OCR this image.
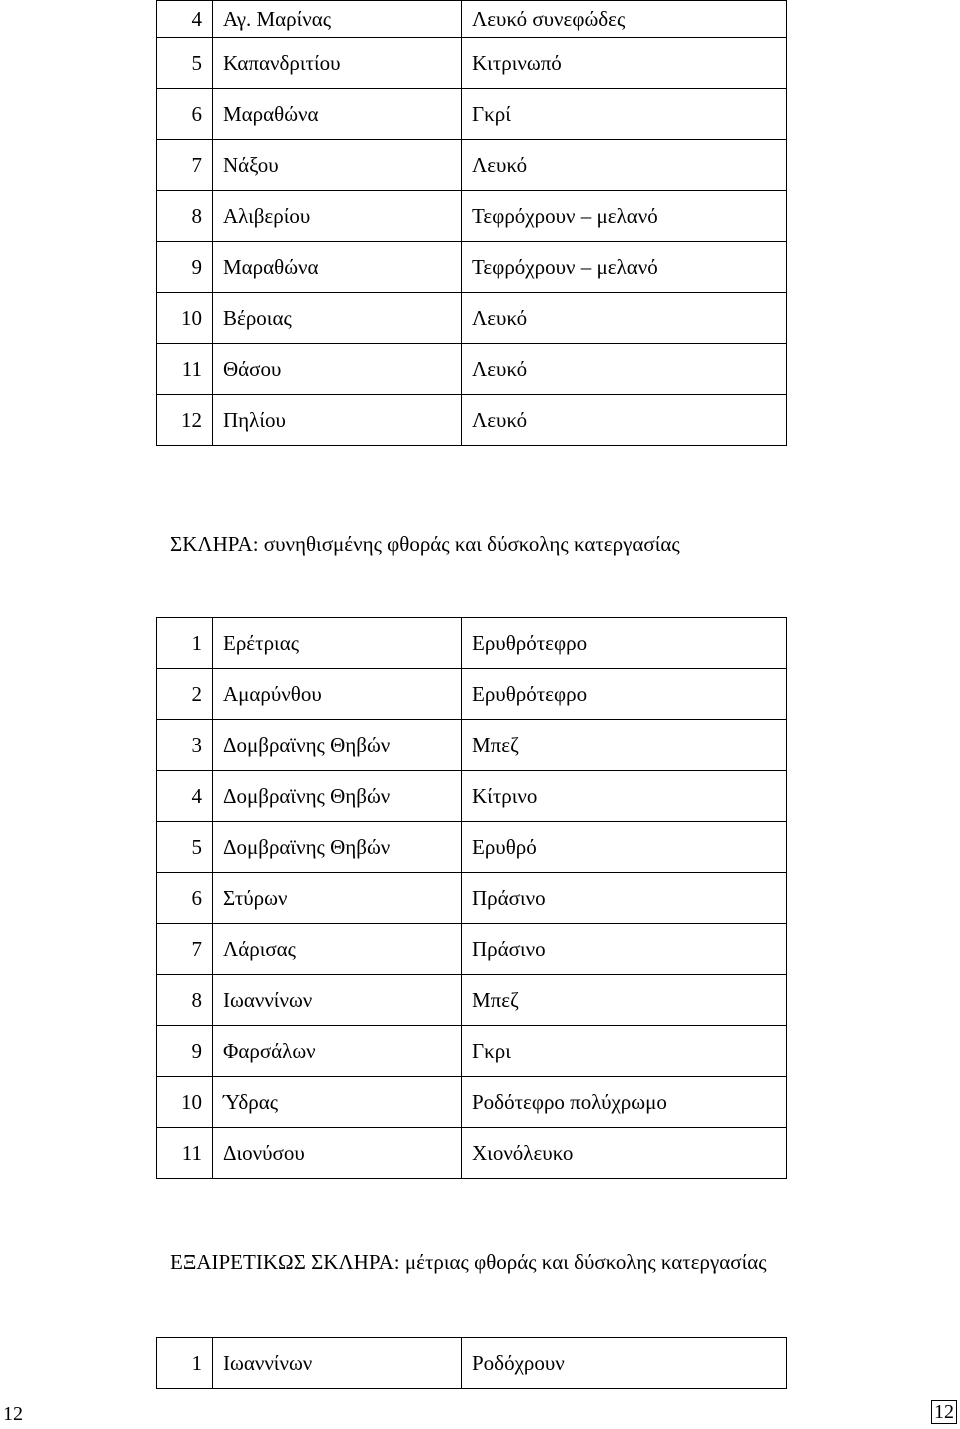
4	Αγ. Μαρίνας	Λευκό συνεφώδες
5	Καπανδριτίου	Κιτρινωπό
6	Μαραθώνα	Γκρί
7	Νάξου	Λευκό
8	Αλιβερίου	Τεφρόχρουν – μελανό
9	Μαραθώνα	Τεφρόχρουν – μελανό
10	Βέροιας	Λευκό
11	Θάσου	Λευκό
12	Πηλίου	Λευκό
ΣΚΛΗΡΑ: συνηθισμένης φθοράς και δύσκολης κατεργασίας
1	Ερέτριας	Ερυθρότεφρο
2	Αμαρύνθου	Ερυθρότεφρο
3	Δομβραϊνης Θηβών	Μπεζ
4	Δομβραϊνης Θηβών	Κίτρινο
5	Δομβραϊνης Θηβών	Ερυθρό
6	Στύρων	Πράσινο
7	Λάρισας	Πράσινο
8	Ιωαννίνων	Μπεζ
9	Φαρσάλων	Γκρι
10	Ύδρας	Ροδότεφρο πολύχρωμο
11	Διονύσου	Χιονόλευκο
ΕΞΑΙΡΕΤΙΚΩΣ ΣΚΛΗΡΑ: μέτριας φθοράς και δύσκολης κατεργασίας
1	Ιωαννίνων	Ροδόχρουν
12	12
